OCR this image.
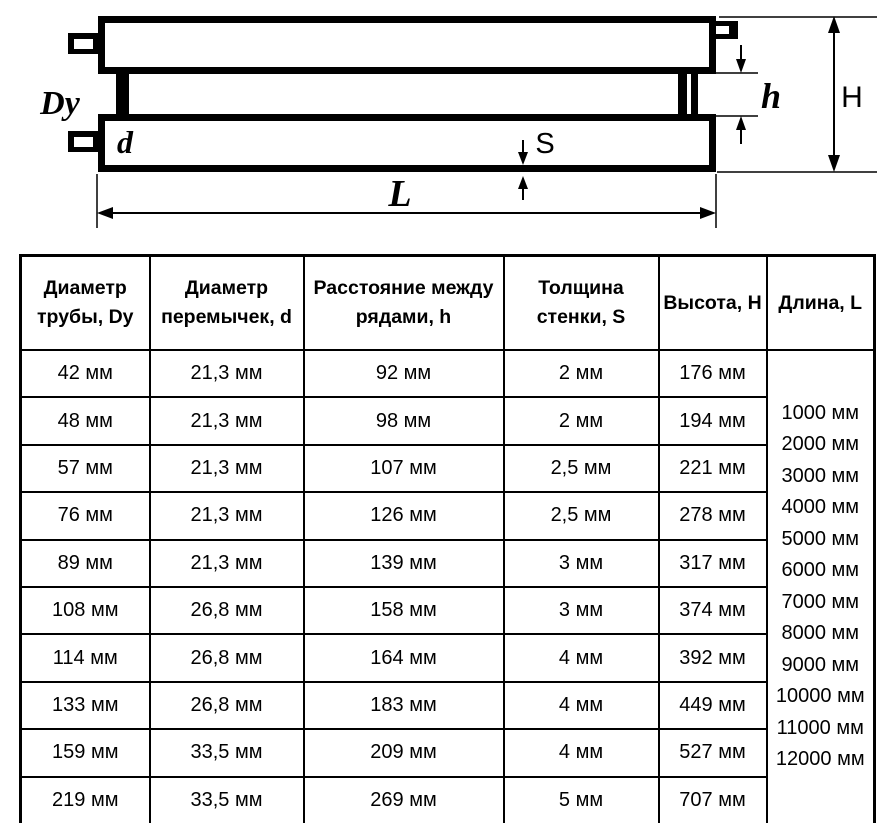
H
h
S
L
Dy
d
Диаметр трубы, Dy	Диаметр перемычек, d	Расстояние между рядами, h	Толщина стенки, S	Высота, H	Длина, L
42 мм	21,3 мм	92 мм	2 мм	176 мм	
1000 мм
2000 мм
3000 мм
4000 мм
5000 мм
6000 мм
7000 мм
8000 мм
9000 мм
10000 мм
11000 мм
12000 мм

48 мм	21,3 мм	98 мм	2 мм	194 мм	
57 мм	21,3 мм	107 мм	2,5 мм	221 мм	
76 мм	21,3 мм	126 мм	2,5 мм	278 мм	
89 мм	21,3 мм	139 мм	3 мм	317 мм	
108 мм	26,8 мм	158 мм	3 мм	374 мм	
114 мм	26,8 мм	164 мм	4 мм	392 мм	
133 мм	26,8 мм	183 мм	4 мм	449 мм	
159 мм	33,5 мм	209 мм	4 мм	527 мм	
219 мм	33,5 мм	269 мм	5 мм	707 мм	
